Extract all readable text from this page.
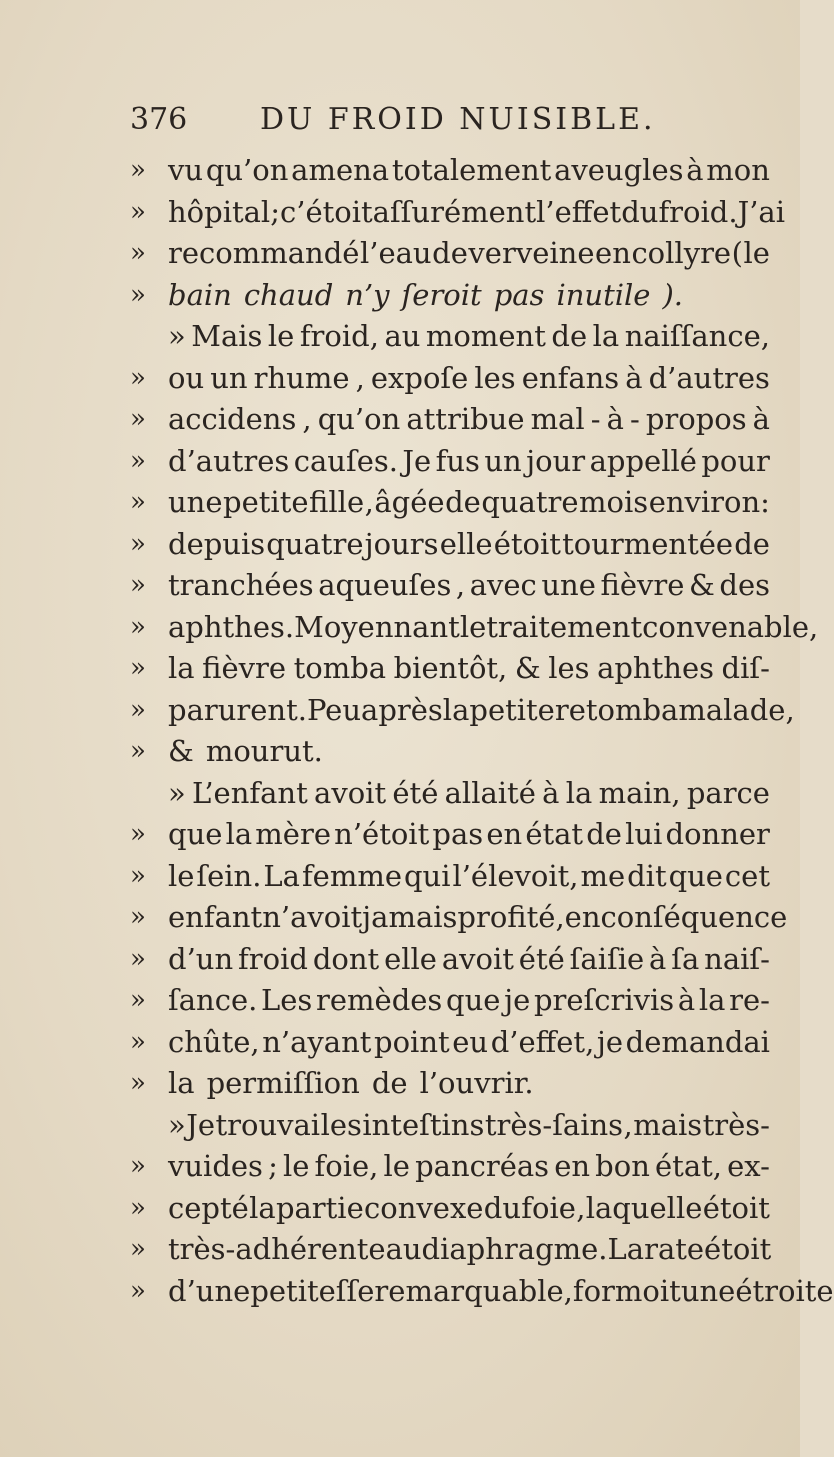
376 DU FROID NUISIBLE.
» vu qu’on amena totalement aveugles à mon
» hôpital ; c’étoit aſſurément l’effet du froid. J’ai
» recommandé l’eau de verveine en collyre ( le
» bain chaud n’y ſeroit pas inutile ).
» Mais le froid, au moment de la naiſſance,
» ou un rhume , expoſe les enfans à d’autres
» accidens , qu’on attribue mal - à - propos à
» d’autres cauſes. Je fus un jour appellé pour
» une petite fille , âgée de quatre mois environ:
» depuis quatre jours elle étoit tourmentée de
» tranchées aqueuſes , avec une fièvre & des
» aphthes. Moyennant le traitement convenable,
» la fièvre tomba bientôt, & les aphthes diſ-
» parurent. Peu après la petite retomba malade,
» & mourut.
» L’enfant avoit été allaité à la main, parce
» que la mère n’étoit pas en état de lui donner
» le ſein. La femme qui l’élevoit, me dit que cet
» enfant n’avoit jamais profité, en conſéquence
» d’un froid dont elle avoit été ſaiſie à ſa naiſ-
» ſance. Les remèdes que je preſcrivis à la re-
» chûte, n’ayant point eu d’effet, je demandai
» la permiſſion de l’ouvrir.
» Je trouvai les inteſtins très-ſains , mais très-
» vuides ; le foie, le pancréas en bon état, ex-
» cepté la partie convexe du foie , laquelle étoit
» très-adhérente au diaphragme. La rate étoit
» d’une petiteſſe remarquable, formoit une étroite
